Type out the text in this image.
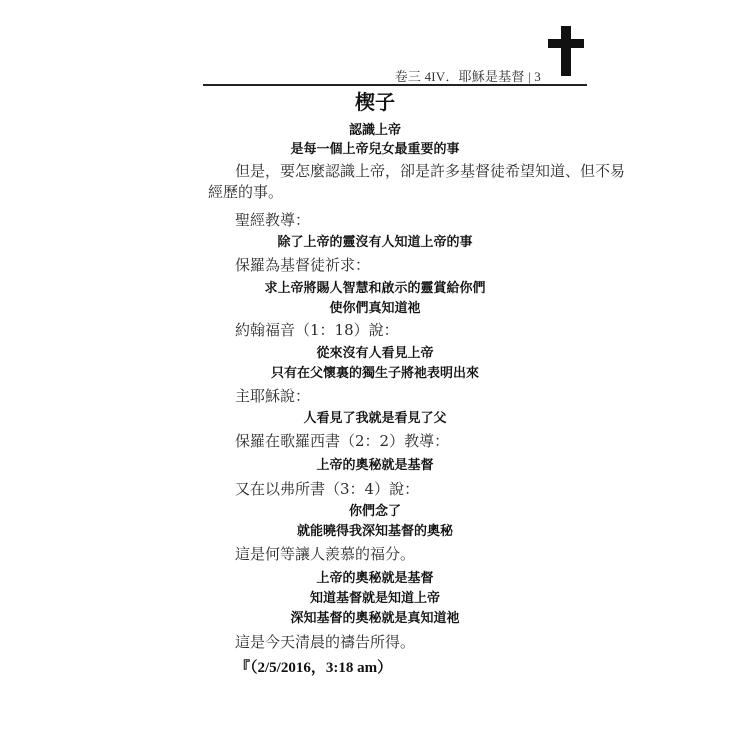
卷三 4IV．耶穌是基督 | 3
楔子
認識上帝
是每一個上帝兒女最重要的事
但是，要怎麼認識上帝，卻是許多基督徒希望知道、但不易
經歷的事。
聖經教導：
除了上帝的靈沒有人知道上帝的事
保羅為基督徒祈求：
求上帝將賜人智慧和啟示的靈賞給你們
使你們真知道祂
約翰福音（1：18）說：
從來沒有人看見上帝
只有在父懷裏的獨生子將祂表明出來
主耶穌說：
人看見了我就是看見了父
保羅在歌羅西書（2：2）教導：
上帝的奧秘就是基督
又在以弗所書（3：4）說：
你們念了
就能曉得我深知基督的奧秘
這是何等讓人羨慕的福分。
上帝的奧秘就是基督
知道基督就是知道上帝
深知基督的奧秘就是真知道祂
這是今天清晨的禱告所得。
『（2/5/2016，3:18 am）
